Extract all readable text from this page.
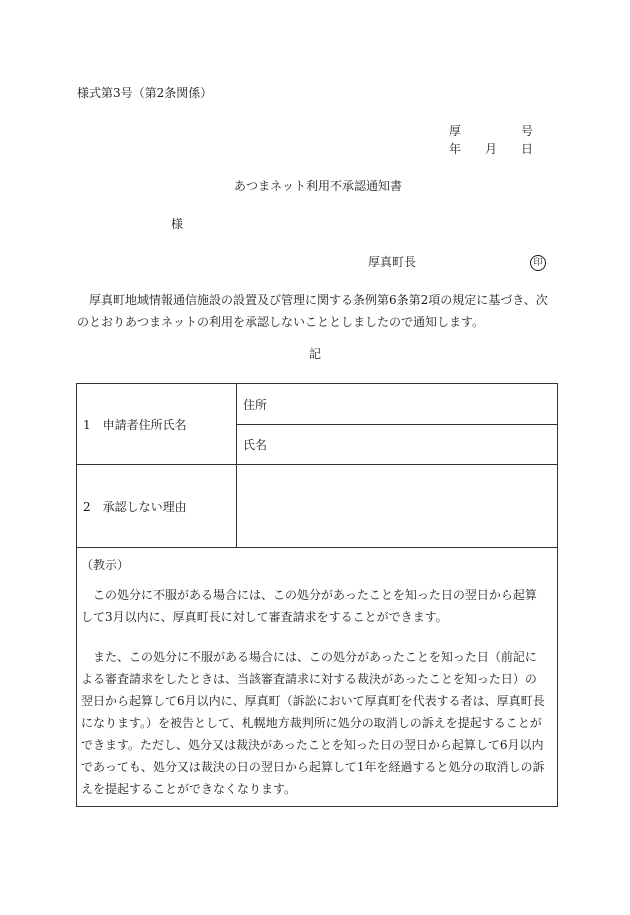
様式第3号（第2条関係）
厚	号
年 月 日
あつまネット利用不承認通知書
様
厚真町長	印
厚真町地域情報通信施設の設置及び管理に関する条例第6条第2項の規定に基づき、次のとおりあつまネットの利用を承認しないこととしましたので通知します。
記
1　申請者住所氏名	住所
	氏名
2　承認しない理由	

（教示）

この処分に不服がある場合には、この処分があったことを知った日の翌日から起算して3月以内に、厚真町長に対して審査請求をすることができます。

また、この処分に不服がある場合には、この処分があったことを知った日（前記による審査請求をしたときは、当該審査請求に対する裁決があったことを知った日）の翌日から起算して6月以内に、厚真町（訴訟において厚真町を代表する者は、厚真町長になります。）を被告として、札幌地方裁判所に処分の取消しの訴えを提起することができます。ただし、処分又は裁決があったことを知った日の翌日から起算して6月以内であっても、処分又は裁決の日の翌日から起算して1年を経過すると処分の取消しの訴えを提起することができなくなります。	
